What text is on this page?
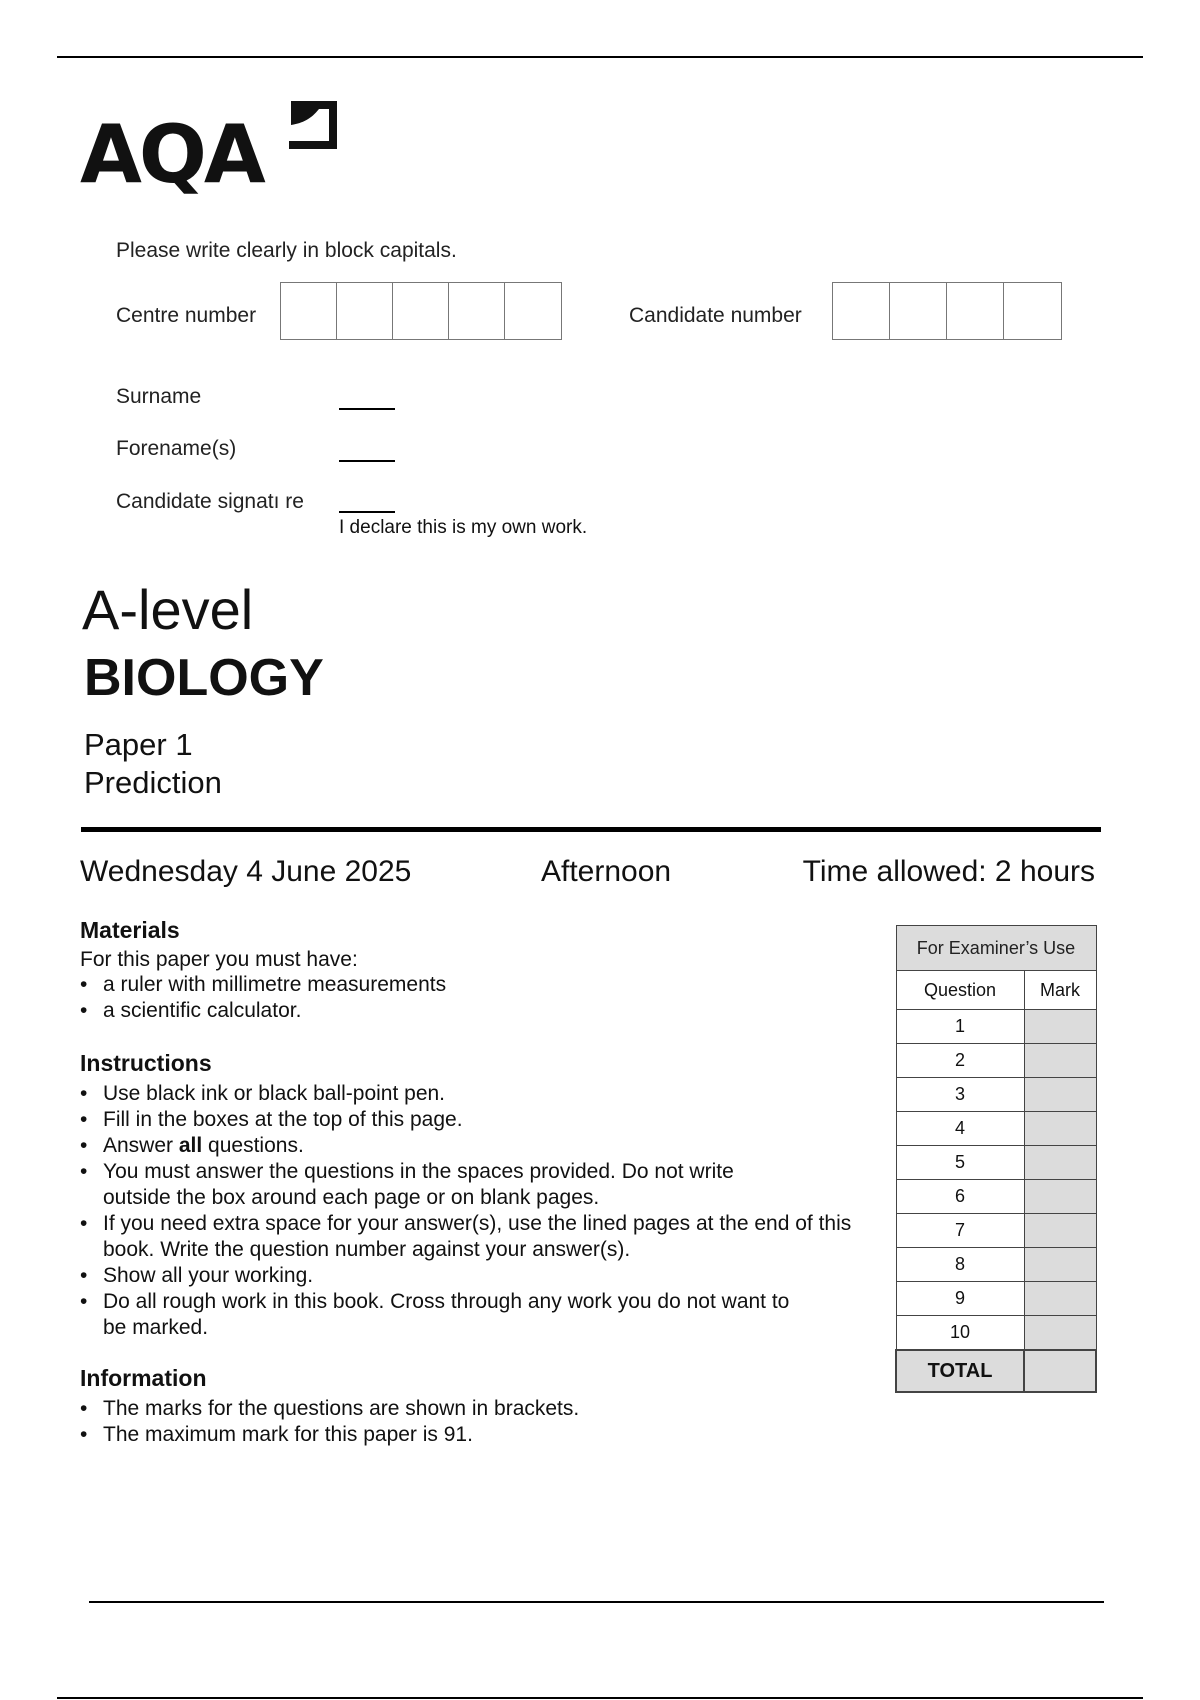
AQA
Please write clearly in block capitals.
Centre number	Candidate number
Surname
Forename(s)
Candidate signatı re
I declare this is my own work.
A-level
BIOLOGY
Paper 1
Prediction
Wednesday 4 June 2025	Afternoon	Time allowed: 2 hours
Materials

For this paper you must have:

• a ruler with millimetre measurements
• a scientific calculator.
Instructions
• Use black ink or black ball-point pen.
• Fill in the boxes at the top of this page.
• Answer all questions.
• You must answer the questions in the spaces provided. Do not write outside the box around each page or on blank pages.
• If you need extra space for your answer(s), use the lined pages at the end of this book. Write the question number against your answer(s).
• Show all your working.
• Do all rough work in this book. Cross through any work you do not want to be marked.
Information
• The marks for the questions are shown in brackets.
• The maximum mark for this paper is 91.
For Examiner’s Use	
Question	Mark
1	
2	
3	
4	
5	
6	
7	
8	
9	
10	
TOTAL	
